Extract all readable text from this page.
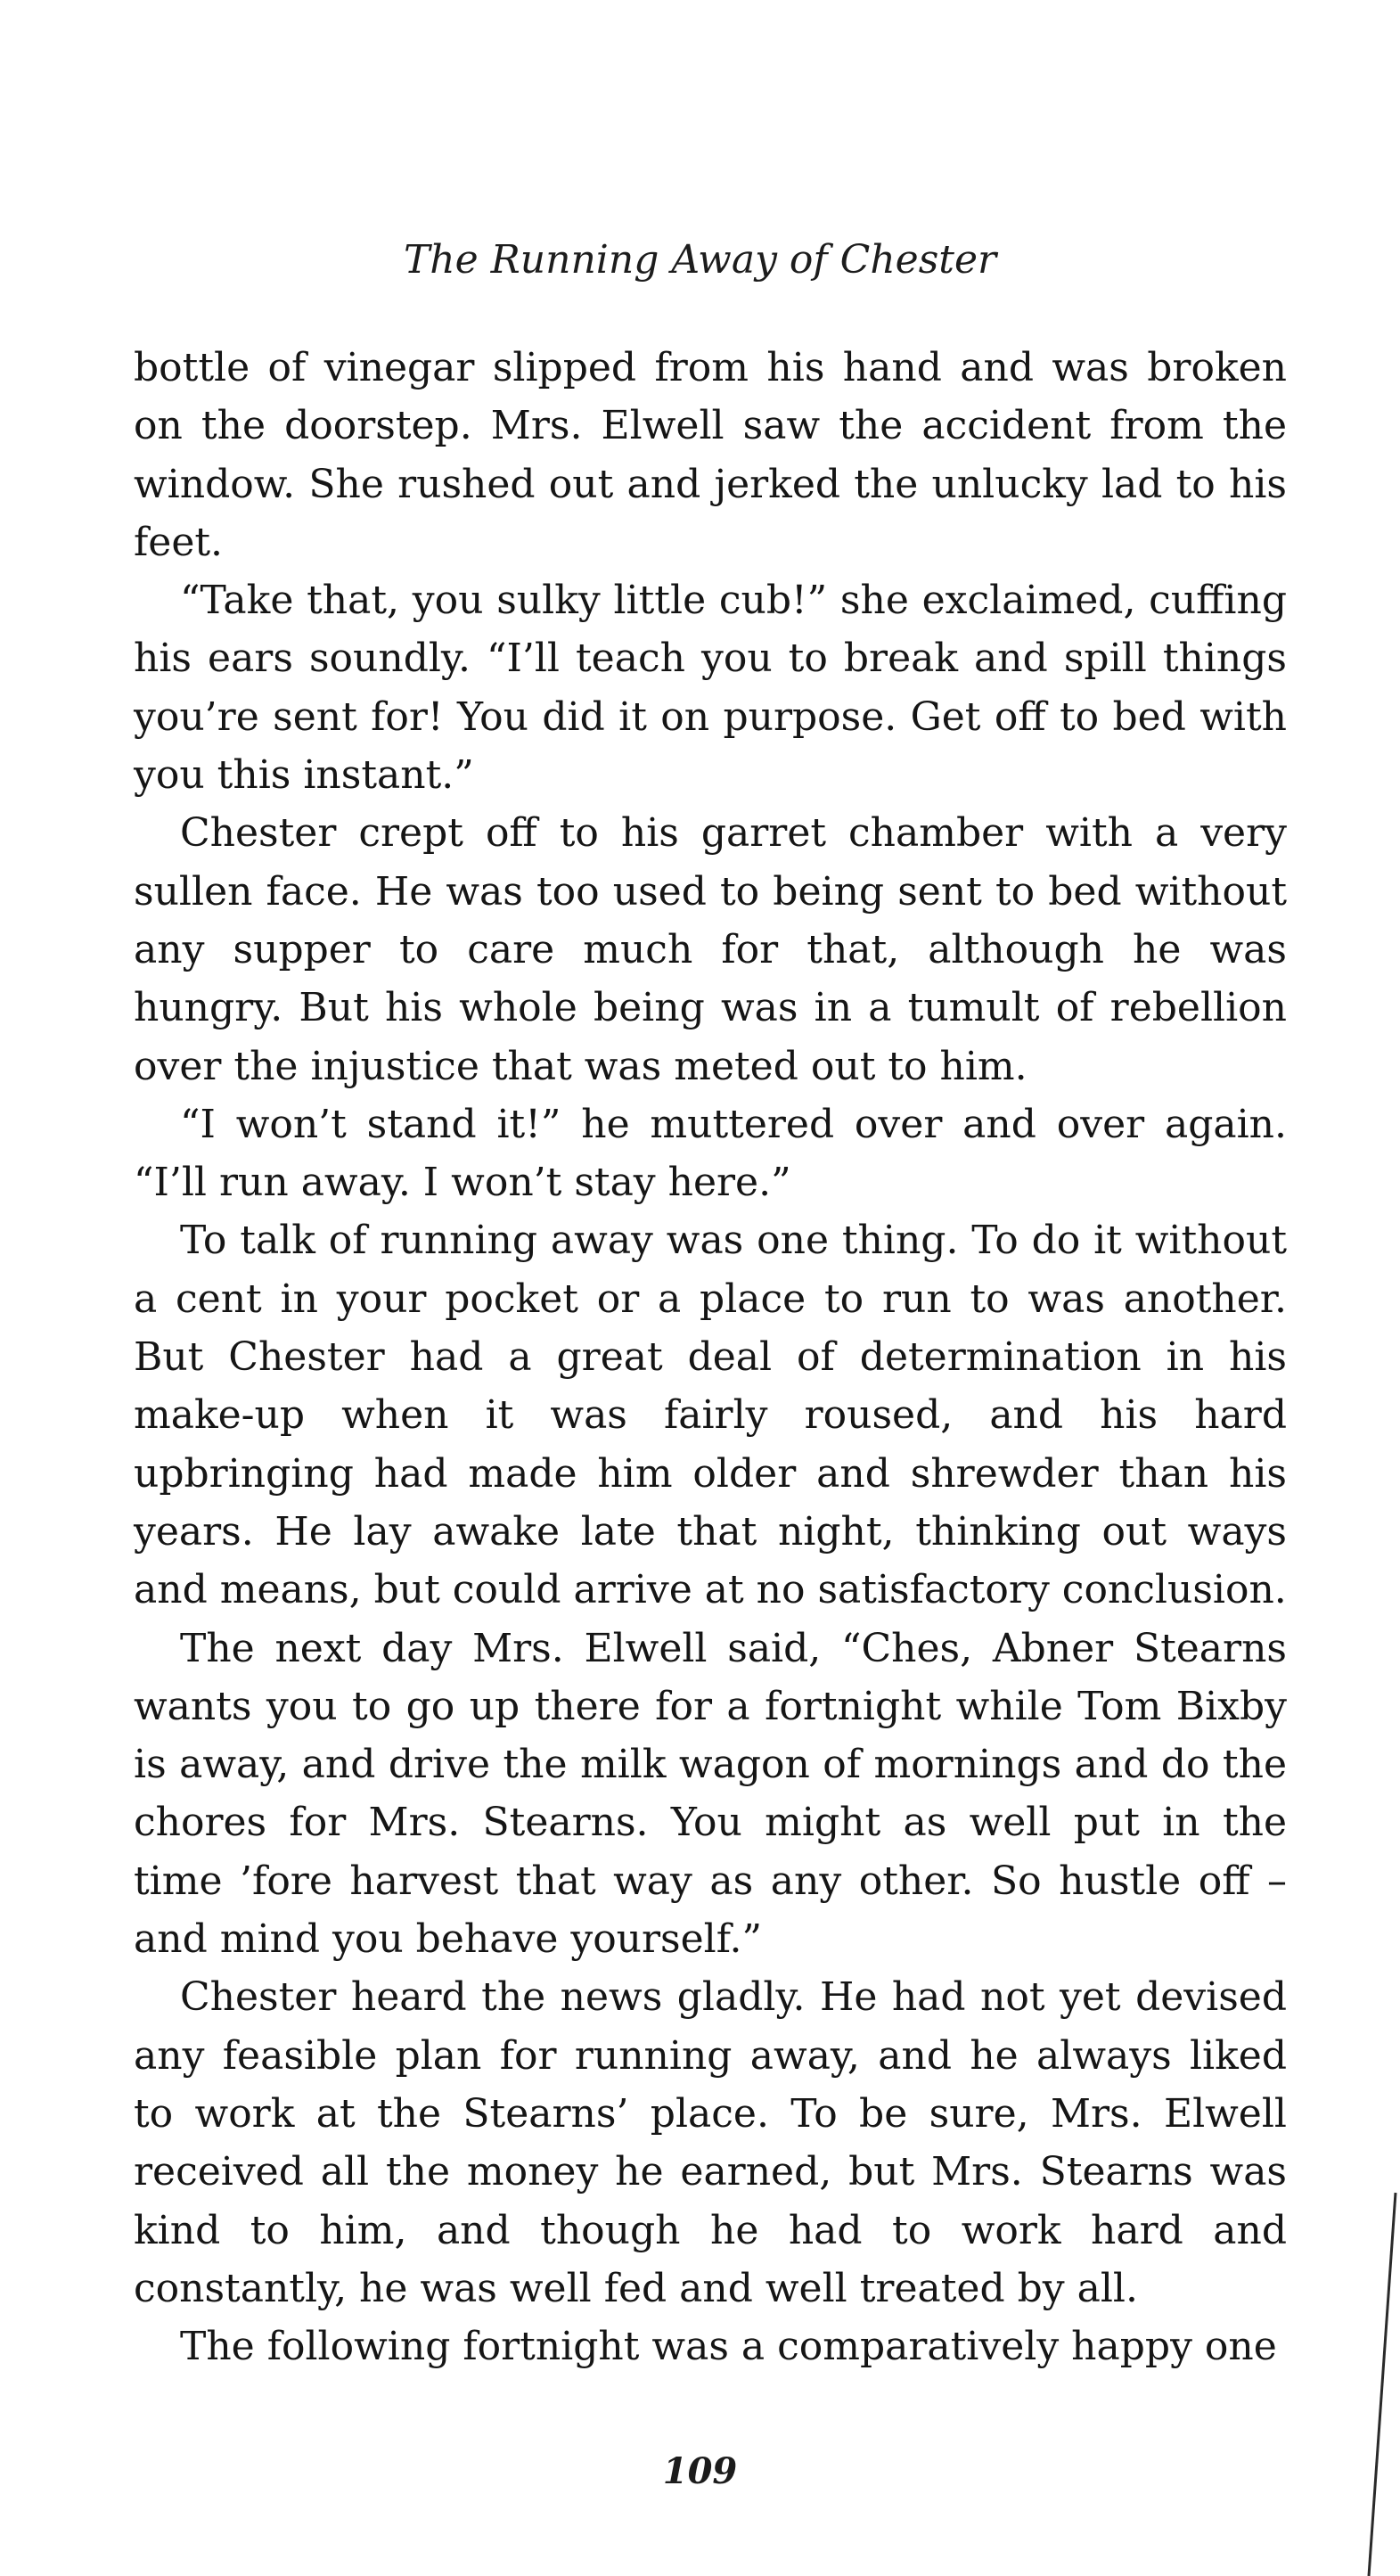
The Running Away of Chester

bottle of vinegar slipped from his hand and was broken on the doorstep. Mrs. Elwell saw the accident from the window. She rushed out and jerked the unlucky lad to his feet.

“Take that, you sulky little cub!” she exclaimed, cuffing his ears soundly. “I’ll teach you to break and spill things you’re sent for! You did it on purpose. Get off to bed with you this instant.”

Chester crept off to his garret chamber with a very sullen face. He was too used to being sent to bed without any supper to care much for that, although he was hungry. But his whole being was in a tumult of rebellion over the injustice that was meted out to him.

“I won’t stand it!” he muttered over and over again. “I’ll run away. I won’t stay here.”

To talk of running away was one thing. To do it without a cent in your pocket or a place to run to was another. But Chester had a great deal of determination in his make-up when it was fairly roused, and his hard upbringing had made him older and shrewder than his years. He lay awake late that night, thinking out ways and means, but could arrive at no satisfactory conclusion.

The next day Mrs. Elwell said, “Ches, Abner Stearns wants you to go up there for a fortnight while Tom Bixby is away, and drive the milk wagon of mornings and do the chores for Mrs. Stearns. You might as well put in the time ’fore harvest that way as any other. So hustle off – and mind you behave yourself.”

Chester heard the news gladly. He had not yet devised any feasible plan for running away, and he always liked to work at the Stearns’ place. To be sure, Mrs. Elwell received all the money he earned, but Mrs. Stearns was kind to him, and though he had to work hard and constantly, he was well fed and well treated by all.

The following fortnight was a comparatively happy one

109
